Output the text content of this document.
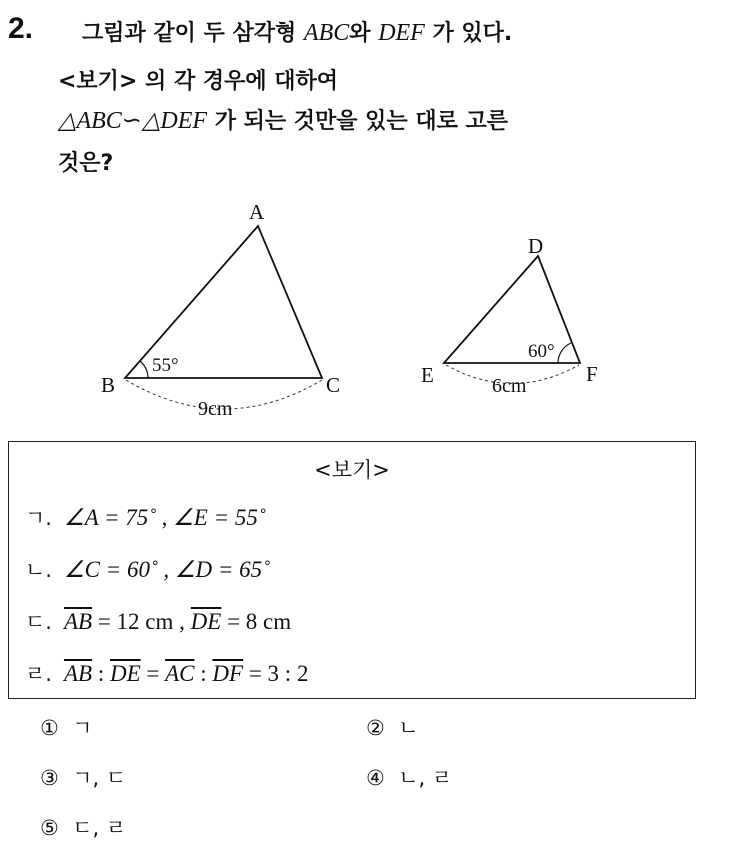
2. 그림과 같이 두 삼각형 ABC와 DEF 가 있다.
<보기> 의 각 경우에 대하여
△ABC∽△DEF 가 되는 것만을 있는 대로 고른
것은?
A
B	C
55°
9cm
D
E	F
60°
6cm
<보기>
ㄱ. ∠A = 75˚ , ∠E = 55˚
ㄴ. ∠C = 60˚ , ∠D = 65˚
ㄷ. $\overline{AB} = 12$ cm , $\overline{DE} = 8$ cm
ㄹ. $\overline{AB}$ : $\overline{DE} = \overline{AC}$ : $\overline{DF} = 3$ : 2
① ㄱ	② ㄴ
③ ㄱ, ㄷ	④ ㄴ, ㄹ
⑤ ㄷ, ㄹ
